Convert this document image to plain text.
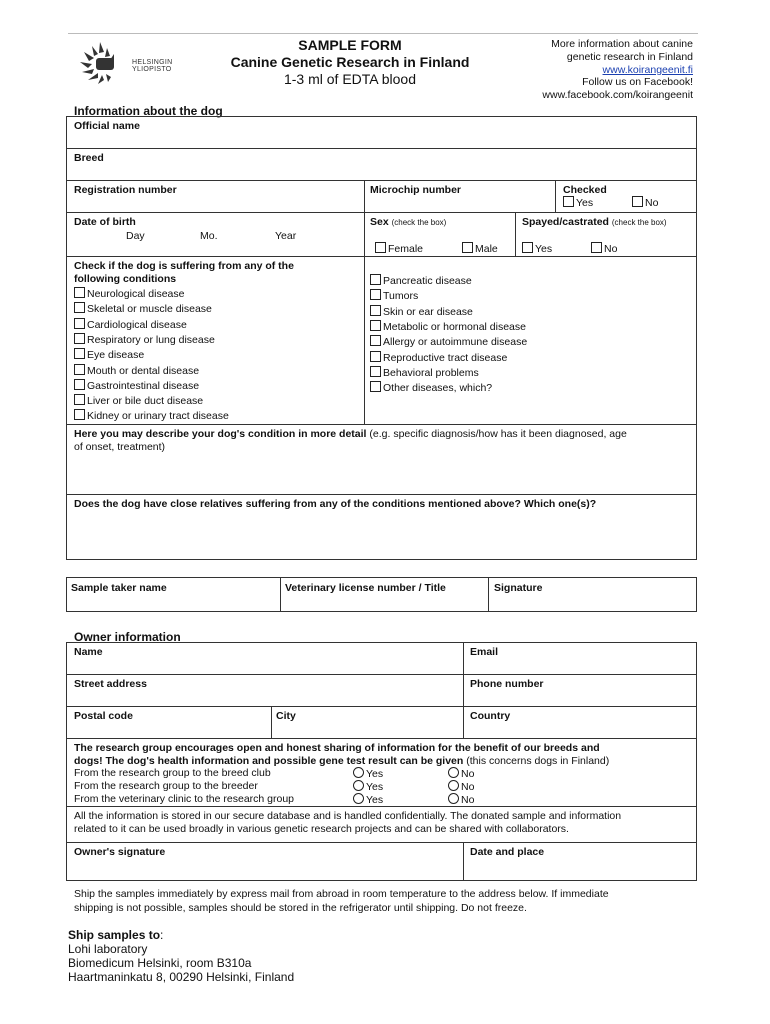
HELSINGIN YLIOPISTO
SAMPLE FORM
Canine Genetic Research in Finland
1-3 ml of EDTA blood
More information about canine
genetic research in Finland
www.koirangeenit.fi
Follow us on Facebook!
www.facebook.com/koirangeenit
Information about the dog
Official name
Breed
Registration number	Microchip number	Checked
Yes	No
Date of birth
Day	Mo.	Year
Sex (check the box)
Female	Male
Spayed/castrated (check the box)
Yes	No
Check if the dog is suffering from any of the
following conditions
Neurological disease
Skeletal or muscle disease
Cardiological disease
Respiratory or lung disease
Eye disease
Mouth or dental disease
Gastrointestinal disease
Liver or bile duct disease
Kidney or urinary tract disease
Pancreatic disease
Tumors
Skin or ear disease
Metabolic or hormonal disease
Allergy or autoimmune disease
Reproductive tract disease
Behavioral problems
Other diseases, which?
Here you may describe your dog's condition in more detail (e.g. specific diagnosis/how has it been diagnosed, age
of onset, treatment)
Does the dog have close relatives suffering from any of the conditions mentioned above? Which one(s)?
Sample taker name	Veterinary license number / Title	Signature
Owner information
Name	Email
Street address	Phone number
Postal code	City	Country
The research group encourages open and honest sharing of information for the benefit of our breeds and
dogs! The dog's health information and possible gene test result can be given (this concerns dogs in Finland)
From the research group to the breed club	Yes	No
From the research group to the breeder	Yes	No
From the veterinary clinic to the research group	Yes	No
All the information is stored in our secure database and is handled confidentially. The donated sample and information
related to it can be used broadly in various genetic research projects and can be shared with collaborators.
Owner's signature	Date and place
Ship the samples immediately by express mail from abroad in room temperature to the address below. If immediate
shipping is not possible, samples should be stored in the refrigerator until shipping. Do not freeze.
Ship samples to:
Lohi laboratory
Biomedicum Helsinki, room B310a
Haartmaninkatu 8, 00290 Helsinki, Finland
